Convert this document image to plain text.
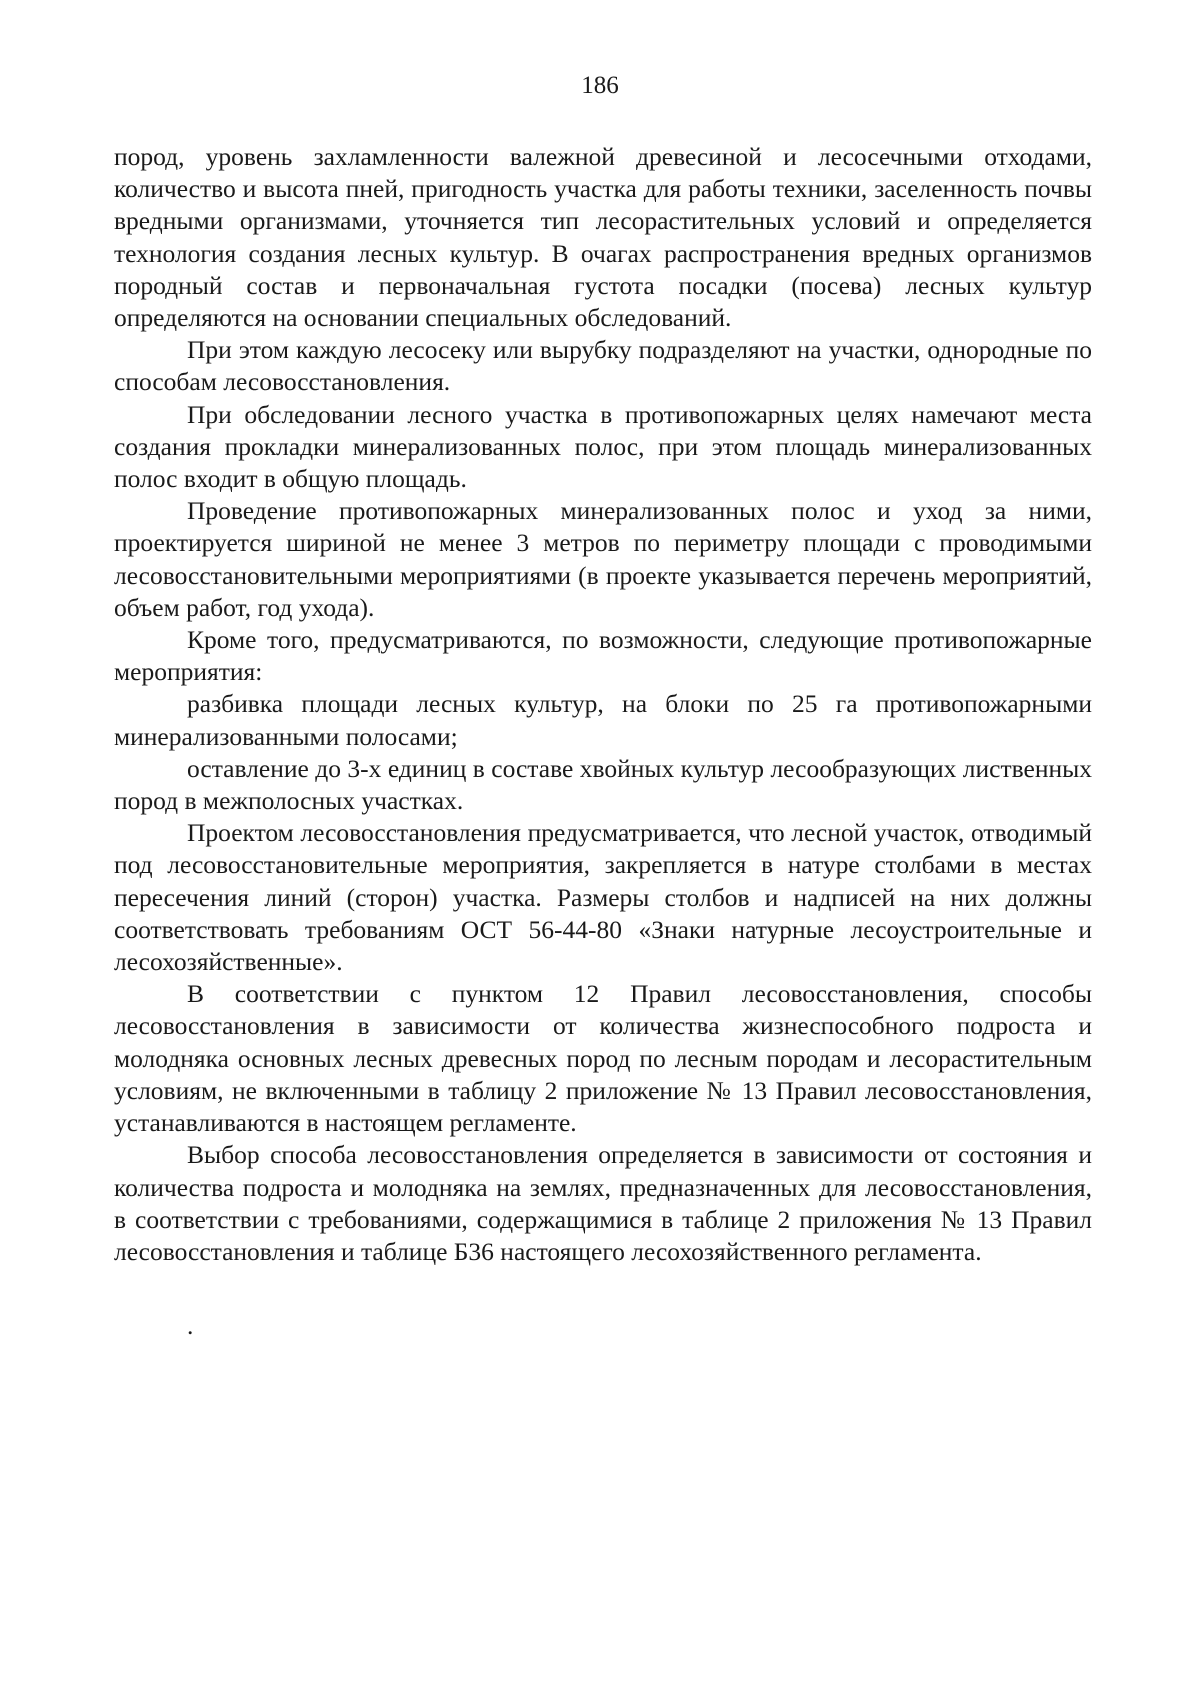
186

пород, уровень захламленности валежной древесиной и лесосечными отходами, количество и высота пней, пригодность участка для работы техники, заселенность почвы вредными организмами, уточняется тип лесорастительных условий и определяется технология создания лесных культур. В очагах распространения вредных организмов породный состав и первоначальная густота посадки (посева) лесных культур определяются на основании специальных обследований.

При этом каждую лесосеку или вырубку подразделяют на участки, однородные по способам лесовосстановления.

При обследовании лесного участка в противопожарных целях намечают места создания прокладки минерализованных полос, при этом площадь минерализованных полос входит в общую площадь.

Проведение противопожарных минерализованных полос и уход за ними, проектируется шириной не менее 3 метров по периметру площади с проводимыми лесовосстановительными мероприятиями (в проекте указывается перечень мероприятий, объем работ, год ухода).

Кроме того, предусматриваются, по возможности, следующие противопожарные мероприятия:

разбивка площади лесных культур, на блоки по 25 га противопожарными минерализованными полосами;

оставление до 3-х единиц в составе хвойных культур лесообразующих лиственных пород в межполосных участках.

Проектом лесовосстановления предусматривается, что лесной участок, отводимый под лесовосстановительные мероприятия, закрепляется в натуре столбами в местах пересечения линий (сторон) участка. Размеры столбов и надписей на них должны соответствовать требованиям ОСТ 56-44-80 «Знаки натурные лесоустроительные и лесохозяйственные».

В соответствии с пунктом 12 Правил лесовосстановления, способы лесовосстановления в зависимости от количества жизнеспособного подроста и молодняка основных лесных древесных пород по лесным породам и лесорастительным условиям, не включенными в таблицу 2 приложение № 13 Правил лесовосстановления, устанавливаются в настоящем регламенте.

Выбор способа лесовосстановления определяется в зависимости от состояния и количества подроста и молодняка на землях, предназначенных для лесовосстановления, в соответствии с требованиями, содержащимися в таблице 2 приложения № 13 Правил лесовосстановления и таблице Б36 настоящего лесохозяйственного регламента.

.
